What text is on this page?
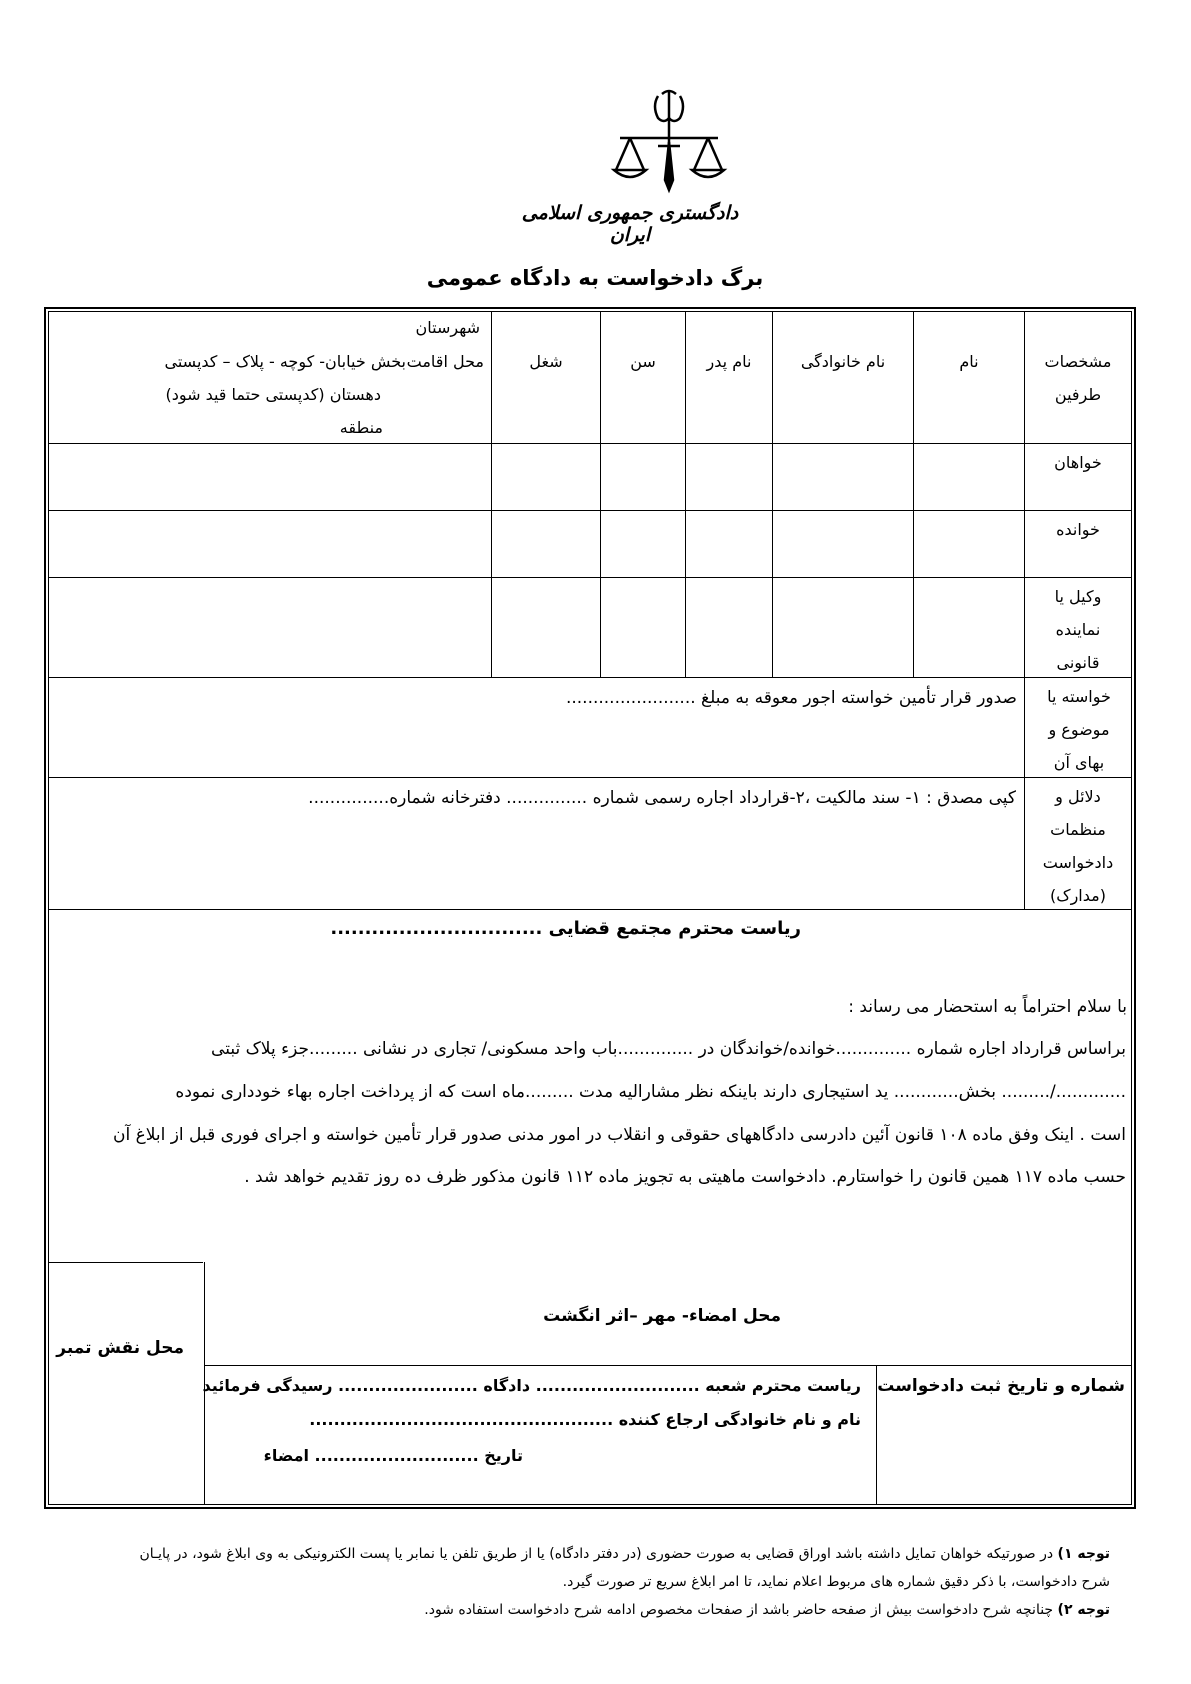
دادگستری جمهوری اسلامی ایران
برگ دادخواست به دادگاه عمومی
مشخصات طرفین
نام
نام خانوادگی
نام پدر
سن
شغل
شهرستان
محل اقامت
بخش خیابان- کوچه - پلاک – کدپستی
دهستان (کدپستی حتما قید شود)
منطقه
خواهان
خوانده
وکیل یا نماینده قانونی
خواسته یا موضوع و بهای آن
صدور قرار تأمین خواسته اجور معوقه به مبلغ ........................
دلائل و منظمات دادخواست (مدارک)
کپی مصدق : ۱- سند مالکیت ،۲-قرارداد اجاره رسمی شماره ............... دفترخانه شماره...............
ریاست محترم مجتمع قضایی ...............................
با سلام احتراماً به استحضار می رساند :
براساس قرارداد اجاره شماره ..............خوانده/خواندگان در ..............باب واحد مسکونی/ تجاری در نشانی .........جزء پلاک ثبتی
............./......... بخش............ ید استیجاری دارند باینکه نظر مشارالیه مدت .........ماه است که از پرداخت اجاره بهاء خودداری نموده
است . اینک وفق ماده ۱۰۸ قانون آئین دادرسی دادگاههای حقوقی و انقلاب در امور مدنی صدور قرار تأمین خواسته و اجرای فوری قبل از ابلاغ آن
حسب ماده ۱۱۷ همین قانون را خواستارم. دادخواست ماهیتی به تجویز ماده ۱۱۲ قانون مذکور ظرف ده روز تقدیم خواهد شد .
محل نقش تمبر
محل امضاء- مهر –اثر انگشت
شماره و تاریخ ثبت دادخواست
ریاست محترم شعبه ........................... دادگاه ....................... رسیدگی فرمائید
نام و نام خانوادگی ارجاع کننده ..................................................
تاریخ ........................... امضاء
توجه ۱) در صورتیکه خواهان تمایل داشته باشد اوراق قضایی به صورت حضوری (در دفتر دادگاه) یا از طریق تلفن یا نمابر یا پست الکترونیکی به وی ابلاغ شود، در پایـان
شرح دادخواست، با ذکر دقیق شماره های مربوط اعلام نماید، تا امر ابلاغ سریع تر صورت گیرد.
توجه ۲) چنانچه شرح دادخواست بیش از صفحه حاضر باشد از صفحات مخصوص ادامه شرح دادخواست استفاده شود.
